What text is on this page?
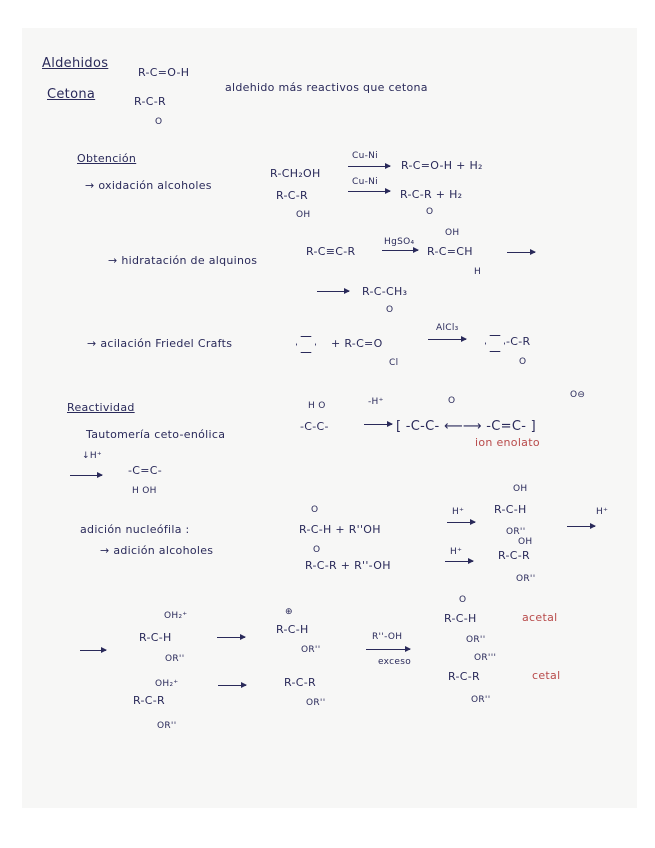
Aldehidos
R-C=O-H
Cetona	R-C-R
O
aldehido más reactivos que cetona
Obtención
→ oxidación alcoholes
R-CH₂OH
Cu-Ni
R-C=O-H + H₂
R-C-R
OH
Cu-Ni
R-C-R + H₂
O
→ hidratación de alquinos
R-C≡C-R
HgSO₄
OH
R-C=CH
H
R-C-CH₃
O
→ acilación Friedel Crafts	+ R-C=O
Cl
AlCl₃
-C-R
O
Reactividad
Tautomería ceto-enólica
H O
-C-C-
-H⁺	O
O⊖
[ -C-C- ⟵⟶ -C=C- ]
ion enolato
↓H⁺
-C=C-
H OH
adición nucleófila :
→ adición alcoholes
O
R-C-H + R''OH
H⁺
OH
R-C-H
OR''
O
R-C-R + R''-OH
H⁺
OH
R-C-R
OR''
H⁺
OH₂⁺
R-C-H
OR''
⊕
R-C-H
OR''
R''-OH
exceso
O
R-C-H
OR''
acetal
OH₂⁺
R-C-R
OR''
R-C-R
OR''
OR'''
R-C-R
OR''
cetal
